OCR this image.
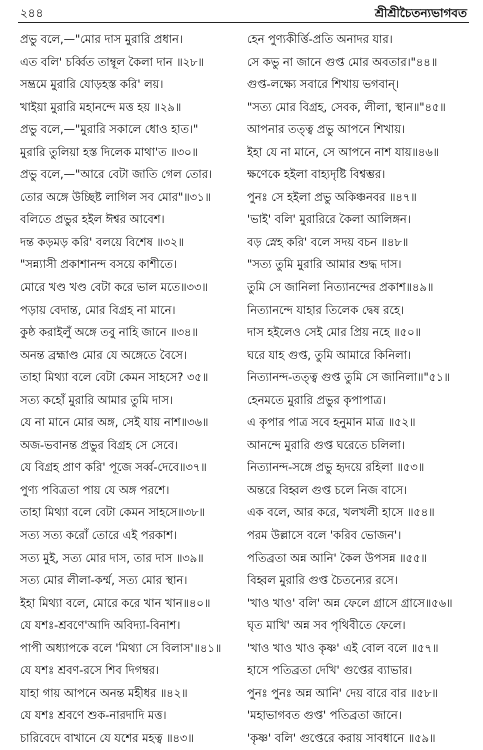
২৪৪	শ্রীশ্রীচৈতন্যভাগবত
প্রভু বলে,—"মোর দাস মুরারি প্রধান।
এত বলি' চর্ব্বিত তাম্বূল কৈলা দান ॥২৮॥
সম্ভ্রমে মুরারি যোড়হস্ত করি' লয়।
খাইয়া মুরারি মহানন্দে মত্ত হয় ॥২৯॥
প্রভু বলে,—"মুরারি সকালে ধোও হাত।"
মুরারি তুলিয়া হস্ত দিলেক মাথা'ত ॥৩০॥
প্রভু বলে,—"আরে বেটা জাতি গেল তোর।
তোর অঙ্গে উচ্ছিষ্ট লাগিল সব মোর"॥৩১॥
বলিতে প্রভুর হইল ঈশ্বর আবেশ।
দন্ত কড়মড় করি' বলয়ে বিশেষ ॥৩২॥
"সন্ন্যাসী প্রকাশানন্দ বসয়ে কাশীতে।
মোরে খণ্ড খণ্ড বেটা করে ভাল মতে॥৩৩॥
পড়ায় বেদান্ত, মোর বিগ্রহ না মানে।
কুষ্ঠ করাইলুঁ অঙ্গে তবু নাহি জানে ॥৩৪॥
অনন্ত ব্রহ্মাণ্ড মোর যে অঙ্গেতে বৈসে।
তাহা মিথ্যা বলে বেটা কেমন সাহসে? ৩৫॥
সত্য কহোঁ মুরারি আমার তুমি দাস।
যে না মানে মোর অঙ্গ, সেই যায় নাশ॥৩৬॥
অজ-ভবানন্ত প্রভুর বিগ্রহ সে সেবে।
যে বিগ্রহ প্রাণ করি' পূজে সর্ব্ব-দেবে॥৩৭॥
পুণ্য পবিত্রতা পায় যে অঙ্গ পরশে।
তাহা মিথ্যা বলে বেটা কেমন সাহসে॥৩৮॥
সত্য সত্য করোঁ তোরে এই পরকাশ।
সত্য মুই, সত্য মোর দাস, তার দাস ॥৩৯॥
সত্য মোর লীলা-কর্ম্ম, সত্য মোর স্থান।
ইহা মিথ্যা বলে, মোরে করে খান খান॥৪০॥
যে যশঃ-শ্রবণে'আদি অবিদ্যা-বিনাশ।
পাপী অধ্যাপকে বলে 'মিথ্যা সে বিলাস'॥৪১॥
যে যশঃ শ্রবণ-রসে শিব দিগম্বর।
যাহা গায় আপনে অনন্ত মহীধর ॥৪২॥
যে যশঃ শ্রবণে শুক-নারদাদি মত্ত।
চারিবেদে বাখানে যে যশের মহত্ব ॥৪৩॥
হেন পুণ্যকীর্ত্তি-প্রতি অনাদর যার।
সে কভু না জানে গুপ্ত মোর অবতার।"৪৪॥
গুপ্ত-লক্ষ্যে সবারে শিখায় ভগবান্।
"সত্য মোর বিগ্রহ, সেবক, লীলা, স্থান॥"৪৫॥
আপনার তত্ত্ব প্রভু আপনে শিখায়।
ইহা যে না মানে, সে আপনে নাশ যায়॥৪৬॥
ক্ষণেকে হইলা বাহ্যদৃষ্টি বিশ্বম্ভর।
পুনঃ সে হইলা প্রভু অকিঞ্চনবর ॥৪৭॥
'ভাই' বলি' মুরারিরে কৈলা আলিঙ্গন।
বড় স্নেহ করি' বলে সদয় বচন ॥৪৮॥
"সত্য তুমি মুরারি আমার শুদ্ধ দাস।
তুমি সে জানিলা নিত্যানন্দের প্রকাশ॥৪৯॥
নিত্যানন্দে যাহার তিলেক দ্বেষ রহে।
দাস হইলেও সেই মোর প্রিয় নহে ॥৫০॥
ঘরে যাহ গুপ্ত, তুমি আমারে কিনিলা।
নিত্যানন্দ-তত্ত্ব গুপ্ত তুমি সে জানিলা॥"৫১॥
হেনমতে মুরারি প্রভুর কৃপাপাত্র।
এ কৃপার পাত্র সবে হনুমান মাত্র ॥৫২॥
আনন্দে মুরারি গুপ্ত ঘরেতে চলিলা।
নিত্যানন্দ-সঙ্গে প্রভু হৃদয়ে রহিলা ॥৫৩॥
অন্তরে বিহ্বল গুপ্ত চলে নিজ বাসে।
এক বলে, আর করে, খলখলী হাসে ॥৫৪॥
পরম উল্লাসে বলে 'করিব ভোজন'।
পতিব্রতা অন্ন আনি' কৈল উপসন্ন ॥৫৫॥
বিহ্বল মুরারি গুপ্ত চৈতন্যের রসে।
'খাও খাও' বলি' অন্ন ফেলে গ্রাসে গ্রাসে॥৫৬॥
ঘৃত মাখি' অন্ন সব পৃথিবীতে ফেলে।
'খাও খাও খাও কৃষ্ণ' এই বোল বলে ॥৫৭॥
হাসে পতিব্রতা দেখি' গুপ্তের ব্যাভার।
পুনঃ পুনঃ অন্ন আনি' দেয় বারে বার ॥৫৮॥
'মহাভাগবত গুপ্ত' পতিব্রতা জানে।
'কৃষ্ণ' বলি' গুপ্তেরে করায় সাবধানে ॥৫৯॥
